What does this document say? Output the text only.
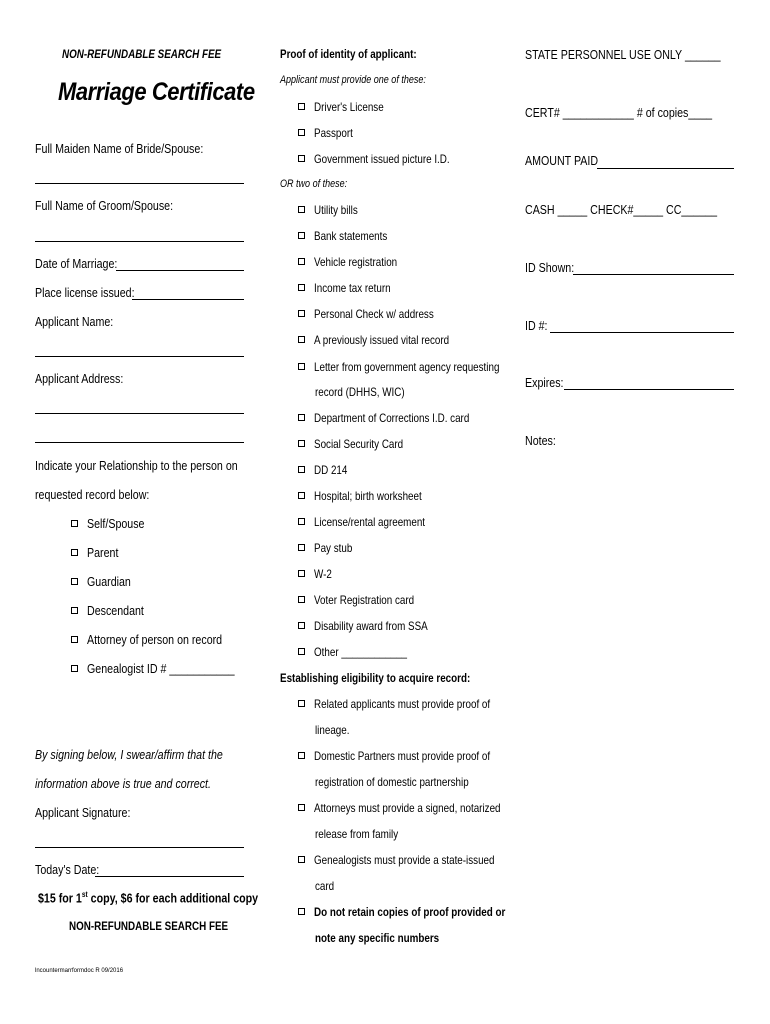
NON-REFUNDABLE SEARCH FEE
Marriage Certificate
Full Maiden Name of Bride/Spouse:
Full Name of Groom/Spouse:
Date of Marriage:
Place license issued:
Applicant Name:
Applicant Address:
Indicate your Relationship to the person on
requested record below:
Self/Spouse
Parent
Guardian
Descendant
Attorney of person on record
Genealogist ID # ___________
By signing below, I swear/affirm that the
information above is true and correct.
Applicant Signature:
Today's Date:
$15 for 1st copy, $6 for each additional copy
NON-REFUNDABLE SEARCH FEE
lncountermarrformdoc R 09/2016
Proof of identity of applicant:
Applicant must provide one of these:
Driver's License
Passport
Government issued picture I.D.
OR two of these:
Utility bills
Bank statements
Vehicle registration
Income tax return
Personal Check w/ address
A previously issued vital record
Letter from government agency requesting
record (DHHS, WIC)
Department of Corrections I.D. card
Social Security Card
DD 214
Hospital; birth worksheet
License/rental agreement
Pay stub
W-2
Voter Registration card
Disability award from SSA
Other ____________
Establishing eligibility to acquire record:
Related applicants must provide proof of
lineage.
Domestic Partners must provide proof of
registration of domestic partnership
Attorneys must provide a signed, notarized
release from family
Genealogists must provide a state-issued
card
Do not retain copies of proof provided or
note any specific numbers
STATE PERSONNEL USE ONLY ______
CERT# ____________ # of copies____
AMOUNT PAID
CASH _____ CHECK#_____ CC______
ID Shown:
ID #:
Expires:
Notes:
